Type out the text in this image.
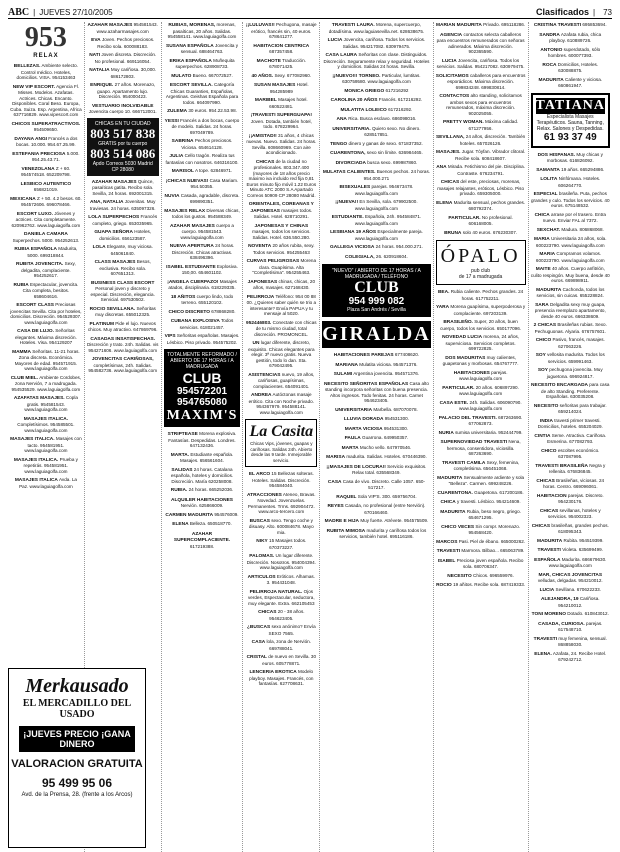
ABC | JUEVES 27/10/2005	Clasificados | 73
953
RELAX

BELLEZAS. Ambiente selecto. Control médico. Hoteles, domicilios. VISA. 954153463

NEW VIP ESCORT. Agencia Fl. Misses. Modelos. Azafatas. Actrices. Chicas. Encanto. Disponibles. Coral Beso. Europa, Cuba. Suiza. Esp. Argentina, Africa 637716829. www.vipescort.com

CHICOS SUPERATRACTIVOS. 954509650.

DAYANA ANGI Francés a dos bocas. 10.000. 954.67.25.99.

ESTEFANIA PRECIOSA 5.000. 954.25.43.71.

VENEZOLANA Z + 60. 954574518. 652209798.

LESBICO AUTENTICO 656821019.

MEXICANA Z + 50. 4.2 besos. 60. 954572606. 696078466.

ESCORT LUXO. Jóvenes y actrices. Cita completamente. 620962762. www.laguiagolfa.com

DANIELA CAMARA Superpechos. 5000. 954252613.

RUBIA ESPAÑOLA Madurita, 5000. 699318844.

RUBITA JOVENCITA. Sexy, delgadita, complaciente. 954252617.

RUBIA Espectacular, jovencita. Cita completa, besitos. 658604616.

ESCORT CLASS Preciosas jovencitas Sevilla. Cita por hoteles, domicilios. Discreción. 954529307. www.laguiagolfa.com

CASA DE LUJO. Señoritas elegantes. Máxima discreción. Hoteles. Visa. 954129207

MAMMA Señoritas. 11-21 horas. Zona discreta. Económica. Mayores de edad. 954571915. www.laguiagolfa.com

CLUB MIEL. Ambiente Cordobes, zona Nervión, 7 a madrugada. 954535529. www.laguiagolfa.com

AZAFATAS MASAJES. Copla gratis. 954581543. www.laguiagolfa.com

MASAJES ITALICA. Completísimos. 954585501. www.laguiagolfa.com

MASAJES ITALICA. Masajes con tacto. 954581951. www.laguiagolfa.com

MASAJES ITALICA. Prueba y repetirás. 954581951. www.laguiagolfa.com

MASAJES ITALICA Avda. La Paz. www.laguiagolfa.com

AZAHAR MASAJES 954581543. www.azaharmasajes.com

EVA Joven. Pechos preciosos. Recibo sola. 600088183.

NATI Joven discreta. Discreción. No profesional. 669116054.

NATALIA Muy cariñosa. 30,000. 686172803.

ENRIQUE. 27 años. Morenazo, guapo. Apartamento lujo. Discreción. 954000423.

VESTUARIO INOLVIDABLE Jovencita cuerpo 10. 666712001.

CHICAS EN TU CIUDAD
803 517 838
GRATIS por tu cuerpo
803 514 086
Apdo Correos 5030 Madrid CP 28080

AZAHAR MASAJES Quince, pasaíticas gatita. Recibo sola. Sevilla, 24 horas. 692001315.

ANA, NATALIA Jovenitas. Muy traviesas. 24 horas. 635097326.

LOLA SUPERPECHOS Francés completo, griego. 653035965.

GUAPA SEÑORA Hoteles, domicilios. 656123587.

LOLA Elegante, muy viciosa. 645061840.

CLASS MASAJES Besos, exclusiva. Recibo sola. 607651313.

BUSINESS CLASS ESCORT Personal joven y discreto y especial. Discreción, elegancia. Servicial. 697530502.

ROCIO SEVILLANA. Señoritas muy discretas. 655012325.

PLATINUM Pide el lujo. Nuevos chicos. Muy atractivo. 647869796.

CASADAS INSATISFECHAS. Discreción y trato. 24h. Salidas. vis 954271606. www.laguiagolfa.com

JOVENCITAS CARIÑOSAS, completísimas, 24h. Salidas. 954582736. www.laguiagolfa.com

RUBIAS, MORENAS, morenas, pasaíticas, 20 años. Salidas. 954558141. www.laguiagolfa.com

SUSANA ESPAÑOLA Jovencita y sensual. 688464763.

ERIKA ESPAÑOLA Muñequita superpechos. 628908733.

MULATO Bueno. 667072527.

ESCORT SEVILLA. Categoría Chicas Guaranties, Españolas, Argentinas. Geishas Española para todos. 664097990.

ZULEMA 30 euros. 954.22.53.98.

YESSI Francés a dos bocas, cuerpo de modelo. Salidas. 24 horas. 697049789.

SABRINA Pechos preciosos. Viciosa. 654614128.

JULIA Cello tragón. Realiza tus fantasías con nosotros. 646316100.

MARISOL A tope. 62846971.

¡CHICAS NUEVAS! Casa Mariam. 954.50355.

NUVIA Casada, agradable, discreta. 699890351.

MASAJES RELAX Diversas chicas, todos los gustos. 954588349.

AZAHAR MASAJES cuerpo a cuerpo. 954581543. www.laguiagolfa.com

NUEVA APERTURA 24 horas. Discreción. Chicas atractivas. 638496396.

ISABEL ESTUDIANTE Explosiva. 150,00. 654601102.

¡ANGELA CUERPAZO! Masajes atados, disciplinaria. 618229335.

18 AÑITOS cuerpo lindo, todo terreno. 655120102.

CHICO DISCRETO 678868280.

CUBANA EXPLOSIVA Todos servicios. 618021457.

VIPS Señoritas españolas. Masajes. Lésbico. Piso privado. 954575202.

TOTALMENTE REFORMADO / ABIERTO DE 17 HORAS / A MADRUGADA
CLUB
954572201
954765080
MAXIM'S

STRIPTEASE Morena explosiva. Fantasías. Despedidas. Londres. 647132436.

MARTA. Estudiante española. Masajes. 656561604.

SALIDAS 24 horas. Catalana española, hoteles y domicilios. Discreción. María 620258008.

RUBIA. 24 horas. 665252036.

ALQUILER HABITACIONES Nervión. 625866009.

CARMEN MADURITA 954576009.

ELENA Belleza. 650518770.

AZAHAR SUPERCOMPLACIENTE. 617219388.

¡¡LULUVAS!! Pechugona, masaje erótico, francés sin, 40 euros. 678641277.

HABITACION CENTRICA 687357458.

MACHOTE Traducción. 678071425.

40 AÑOS. Sexy. 677082960.

SUSAN MASAJES Hotel. 954285989

MARIBEL Masajes hotel. 660522481.

¡TRAVESTI SUPERGUAPA! Joven. Dotada, también hotel, todo. 678229964.

¡¡AMISTAD!! 31 años, 4 chicas nuevas. Nuevo. Salidas. 24 horas. Sevilla. 608660969. Con aire acondicionado.

CHICAS de la ciudad no profesionales. 803.347.400 (mayores de 18 años precio máximo iva incluido red fija 0,81 Euros minuto fijo móvil 1.22 Euros Minuto ATC 2000 S.A Apartado Correos 50909 CP 28080 Madrid.

ORIENTALES, COREANAS Y JAPONESAS masajes todos. Salidas. Hotel. 628710291.

JAPONESAS Y CHINAS masajes, todos los servicios. Salidas. Hotel. 636.550.280.

NOVENTA 20 años rubita, sexy. Todos servicios. 954255463

CURVAS PELIGROSAS Morena clara. Guapísima. Alta "Completísima". 954255463.

JAPONESAS chinas, chicas, 20 años, masajes. 627168430.

PELIRROJA Teléfono: 954 00 88 00. ¿Quieres saber quién se trio a interesante? Envía PAPUA y tu mensaje al 5020.

952446803. Conectate con chicas de tu mismo ciudad, total discreción. PROMONCEL.

UN lugar diferente, discreto, exquisito. Chicas elegantes para elegir. 3ª nuevo gratis. Nueva gestión, todo lo dan. Sta. 679042495.

ASISTENCIAS nuevo, 19 años, cariñosas, guapísimas, complacientes. 654091401.

ANDREA Autóctonas masaje erótico. Cita con Noche privado. 954367979. 954588141. www.laguiagolfa.com

La Casita
Chicas Vips, jóvenes, guapas y cariñosas. Salidas 24h. Abierto desde las 9 tarde. Inmejorable servicio.

EL ARCO 15 Bellezas solteras. Hoteles. Salidas. Discreción. 954584040.

ATRACCIONES Ateneo, Bravas. Novedad. Jovenzuelas. Permanentes. Trms. 692904472. www.arco-tercero.com

BUSCAS sexo. Tengo coche y disuasy. Alto. 600084678. Mayo mia.

NIKY 15 Masajes todos. 670373227.

PALOMAS. Un lugar diferente. Discreción. Nosotros. 954004394. www.laguiagolfa.com

ARTICULOS Eróticos. Alhamas. 3. 954431048.

PELIRROJA NATURAL. Ojos verdes, Espectacular, seductora, muy elegante. Extra. 662105453

CHICAS 20 - 38 años. 954623405.

¿BUSCAS sexo anónimo? Envía SEXO 7565.

CASA lola, zona de Nervión. 669788041.

CRISTAL de nuevo en Sevilla. 30 euros. 605778871.

LENCERIA EROTICA Modelo playboy. Masajes. Francés, con fantasías. 627708631.

TRAVESTI LAURA. Morena, supercuerpo, dotadísima. www.laguiasevilla.net. 628638675.

LUCIA Jovencita, cariñosa. Todos los servicios. Salidas. 954217082. 630979475.

CASA LAURA Señoritas con clase. Distinguidos. Discreción. Seguramente relax y seguridad. Hoteles y domicilios. Salidas 24 horas. Sevilla.

¡¡NUEVO!!! TORNEO. Particular, lumtitas. 630759580. www.laguiagolfa.com

MONICA GRIEGO 617216292

CAROLINA 20 AÑOS Francés. 617216292.

MULATITA LOLEICO 617216292.

ANA Rica. Busca esclavo. 686098016.

UNIVERSITARIA. Quiero sexo. No dinero. 628517851.

TENGO dinero y ganas de sexo. 671837352.

CUARENTONA, sexo sin límite. 636984465.

DIVORCIADA busca sexo. 699987860.

MULATAS CALIENTES. Buenos pechos. 24 horas. 954.000.271

BISEXUALES parejas. 954673478. www.laguiagolfa.com

¡¡NUEVA!! En Sevilla, sola. 679902500. www.laguiagolfa.com

ESTUDIANTE. Española, 24h. 954584871. www.laguiagolfa.com

LESBIANA 19 AÑOS Especialmente pareja. www.laguiagolfa.com

GALLEGA VICIOSA 24 horas. 954.000.271.

COLEGIALA, 26. 620918604.

"NUEVO" / ABIERTO DE 17 HORAS / A MADRUGADA / TELÉFONO
CLUB
954 999 082
Plaza San Andrés / Sevilla
GIRALDA

HABITACIONES PAREJAS 677408620.

MARIANA Mulatita viciosa. 954571376.

SULAMI Argentina jovencita. 954571376.

NECESITO SEÑORITAS ESPAÑOLAS Casa alto standing incorpora señoritas con buena presencia. Altos ingresos. Todo fenitas. 24 horas. Carnet 954623405.

UNIVERSITARIA Marbella. 687070078.

LLUVIA DORADA 954531300.

MARTA VICIOSA 954531300.

PAULA Guarrona. 649950357.

MARTA Mucho vello. 647970546.

MARISA madurita. Salidas. Hoteles. 670446390.

¡¡MASAJES DE LOCURA!! Servicio exquisitos. Relax total. 635568349.

CASA Casa de vivo. Discreto. Calle 1057. 650-517217.

RAQUEL Sola VIP'S. 300. 659756704.

REYES Casada, no profesional (entre Nervión). 670166460.

MADRE E HIJA Muy fuerte. Atrévete. 954575509.

RUBITA MIMOSA madurita y cariñosa todos los servicios, también hotel. 695116186.

MARIAN MADURITA Privado. 695118286.

AGENCIA contactos selecta caballeros para encuentros remunerados con señoras adinerados. Máxima discreción. 902365590.

LUCIA Jovencita, cariñosa. Todos los servicios. Salidas. 954217082. 630979475.

SOLICITAMOS caballeros para encuentros esporádicos. Máxima discreción. 699834248. 699830814.

CONTACTOS alto standing, solicitamos ambos sexos para encuentros remunerados, máxima discreción. 902025055.

PRETTY WOMAN. Máxima calidad. 671277956.

SEVILLANA, 24 años, discreción. También hoteles. 657026126.

MASAJES. Jugar. Tóyfan. Vibrador clitoral. Recibe sola. 608418607.

ANA Mirada. Fetichismo del pie. Disciplina. Contraste. 676234791.

CHICAS del este, preciosas, morenas, masajes relajantes, eróticos, Lésbico. Piso privado. 659305000.

ELENA Madurita sensual, pechos grandes. 680792374.

PARTICULAR. No profesional. 606168005.

BRUNA solo 40 euros. 676230307.

ÓPALO
pub club
de 17 a madrugada

BEA. Rubia caliente. Pechos grandes. 24 horas. 617752211.

YARA Morena guapísima, superpoderosa y complaciente. 697203139.

BRASILEÑO. Super, 20 años, buen cuerpo, todos los servicios. 650177096.

NOVEDAD LUCIA morena, 24 años, superviciosa. Servicios completos. 699722825.

DOS MADURITAS muy calientes, guapetonas y morbosas. 654767777.

HABITACIONES parejas. www.laguiagolfa.com

PARTICULAR. 20 años. 606897290. www.laguiagolfa.com

CASA ESTE. 24h. Salidas. 606090790. www.laguiagolfa.com

PALACIO DEL TRAVESTI. 687263690. 677062873.

NURIA sumisa universitaria. 952444799.

SUPERNOVIEDAD TRAVESTI Nena, hermosa, consentidora, viciosilla. 687263690.

TRAVESTI CAMILA Sexy, femenina, completísima. 656451068.

MADURITA Sensualmente ardiente y sola "Belleza". Carmen. 699248226.

CUARENTONA. Guapetona. 617200186.

CHICA y travesti. Lésbico. 954214609.

MADURITA Rubia, beso negro, griego. 654671295.

CHICO VECES Sin compr. Morenazo. 954568420.

MARCOS Pasi. Piel de ébano. 665000262.

TRAVESTI Marmora. Bilbao... 665063789.

ISABEL Preciosa joven española. Recibo sola. 680706347.

NECESITO Chicos. 696559976.

ROCIO 19 añitos. Recibe sola. 687419333.

CRISTINA TRAVESTI 695853694.

SANDRA Azafata rubia, chica playboy. 610889726.

ANTONIO superdotado, sólo hombres. 600077393.

ROCA Domicilios, Hoteles. 630088875.

MADURITA Caliente y viciosa. 660861947.

TATIANA
Especialista Masajes Terapéuticos. Sauna, Tanning, Relax. Salones y Despedidas.
61 93 37 49

DOS HISPANAS. Muy chicas y morbosas. 616826092.

SAMANTA 19 años. 665294886.

LOLITA Ninfómana. Hoteles. 606264770.

ESPECIAL brasileña. Puta, pechos grandes y culo. Todos los servicios. 40 euros. 675148532.

CHICA arrase por el trasero. Entra nuevo. Enviar FAL al 7372.

SEXCHAT. Madura. 806868068.

MARIA Universitaria 24 años, sola. 600223790. www.laguiagolfa.com

MARIA Compramos volamos. 600223790. www.laguiagolfa.com

MAITE 40 años. Cuerpo anfitrión, culito respingón. Muy buena, desde 40 euros. 669898911.

MADURITA Cachonda, todos los servicios, sin cuicas. 655228824.

SARA Delgadita sexy muy guapa, presencia reemplazo apartamento, desde 40 euros. 666338609.

2 CHICAS Brasileñas rubias. Sexo. Pechuguonas. Alyaria. 676757601.

CHICO Pasivo, francés, masajes. 627063226.

SOY vellosita madurita. Todos los servicios. 659991463.

SOY pechugona jovencita. Muy juguetona. 696924817.

NECESITO ENCARGADA para casa de alto Standing. Preferente. Españolas. 630035208.

NECESITO señoritas para trabajar. 659214024.

INDIA travesti primer travesti. Domicilios, hoteles. 655204029.

CINTIA Seme. Atractiva. Cariñosa. Esmerina. 677082793.

CHICO escoltes económico. 637087995.

TRAVESTI BRASILEÑA Negra y rellenita. 676836845.

CHICAS Brasileñas, viciosas. 24 horas. Centro. 669096061.

HABITACION parejas. Discreto. 954230176.

CHICAS sevillanas, hoteles y servicios. 954002323.

CHICAS brasileñas, grandes pechos. 618095343.

MADURITA Rubita. 954519399.

TRAVESTI Violeta. 635699499.

ESPAÑOLA Madurita. 686679630. www.laguiagolfa.com

MAR, CHICAS JOVENCITAS velludas, delgadas. 954210012.

LUCIA Sevillana. 670622233.

ALEJANDRA, 19 Cariñosa. 954210012.

TONI MORENO Dotado. 610843012.

CASADA, CURIOSA. parejas. 617548710.

TRAVESTI muy femenina, sensual. 868858030.

ELENA. Azafata, 24. Recibe Hotel. 679242712.

Merkausado
EL MERCADILLO DEL USADO
¡JUEVES PRECIO ¡GANA DINERO
VALORACION GRATUITA
95 499 95 06
Avd. de la Prensa, 28. (frente a los Arcos)
